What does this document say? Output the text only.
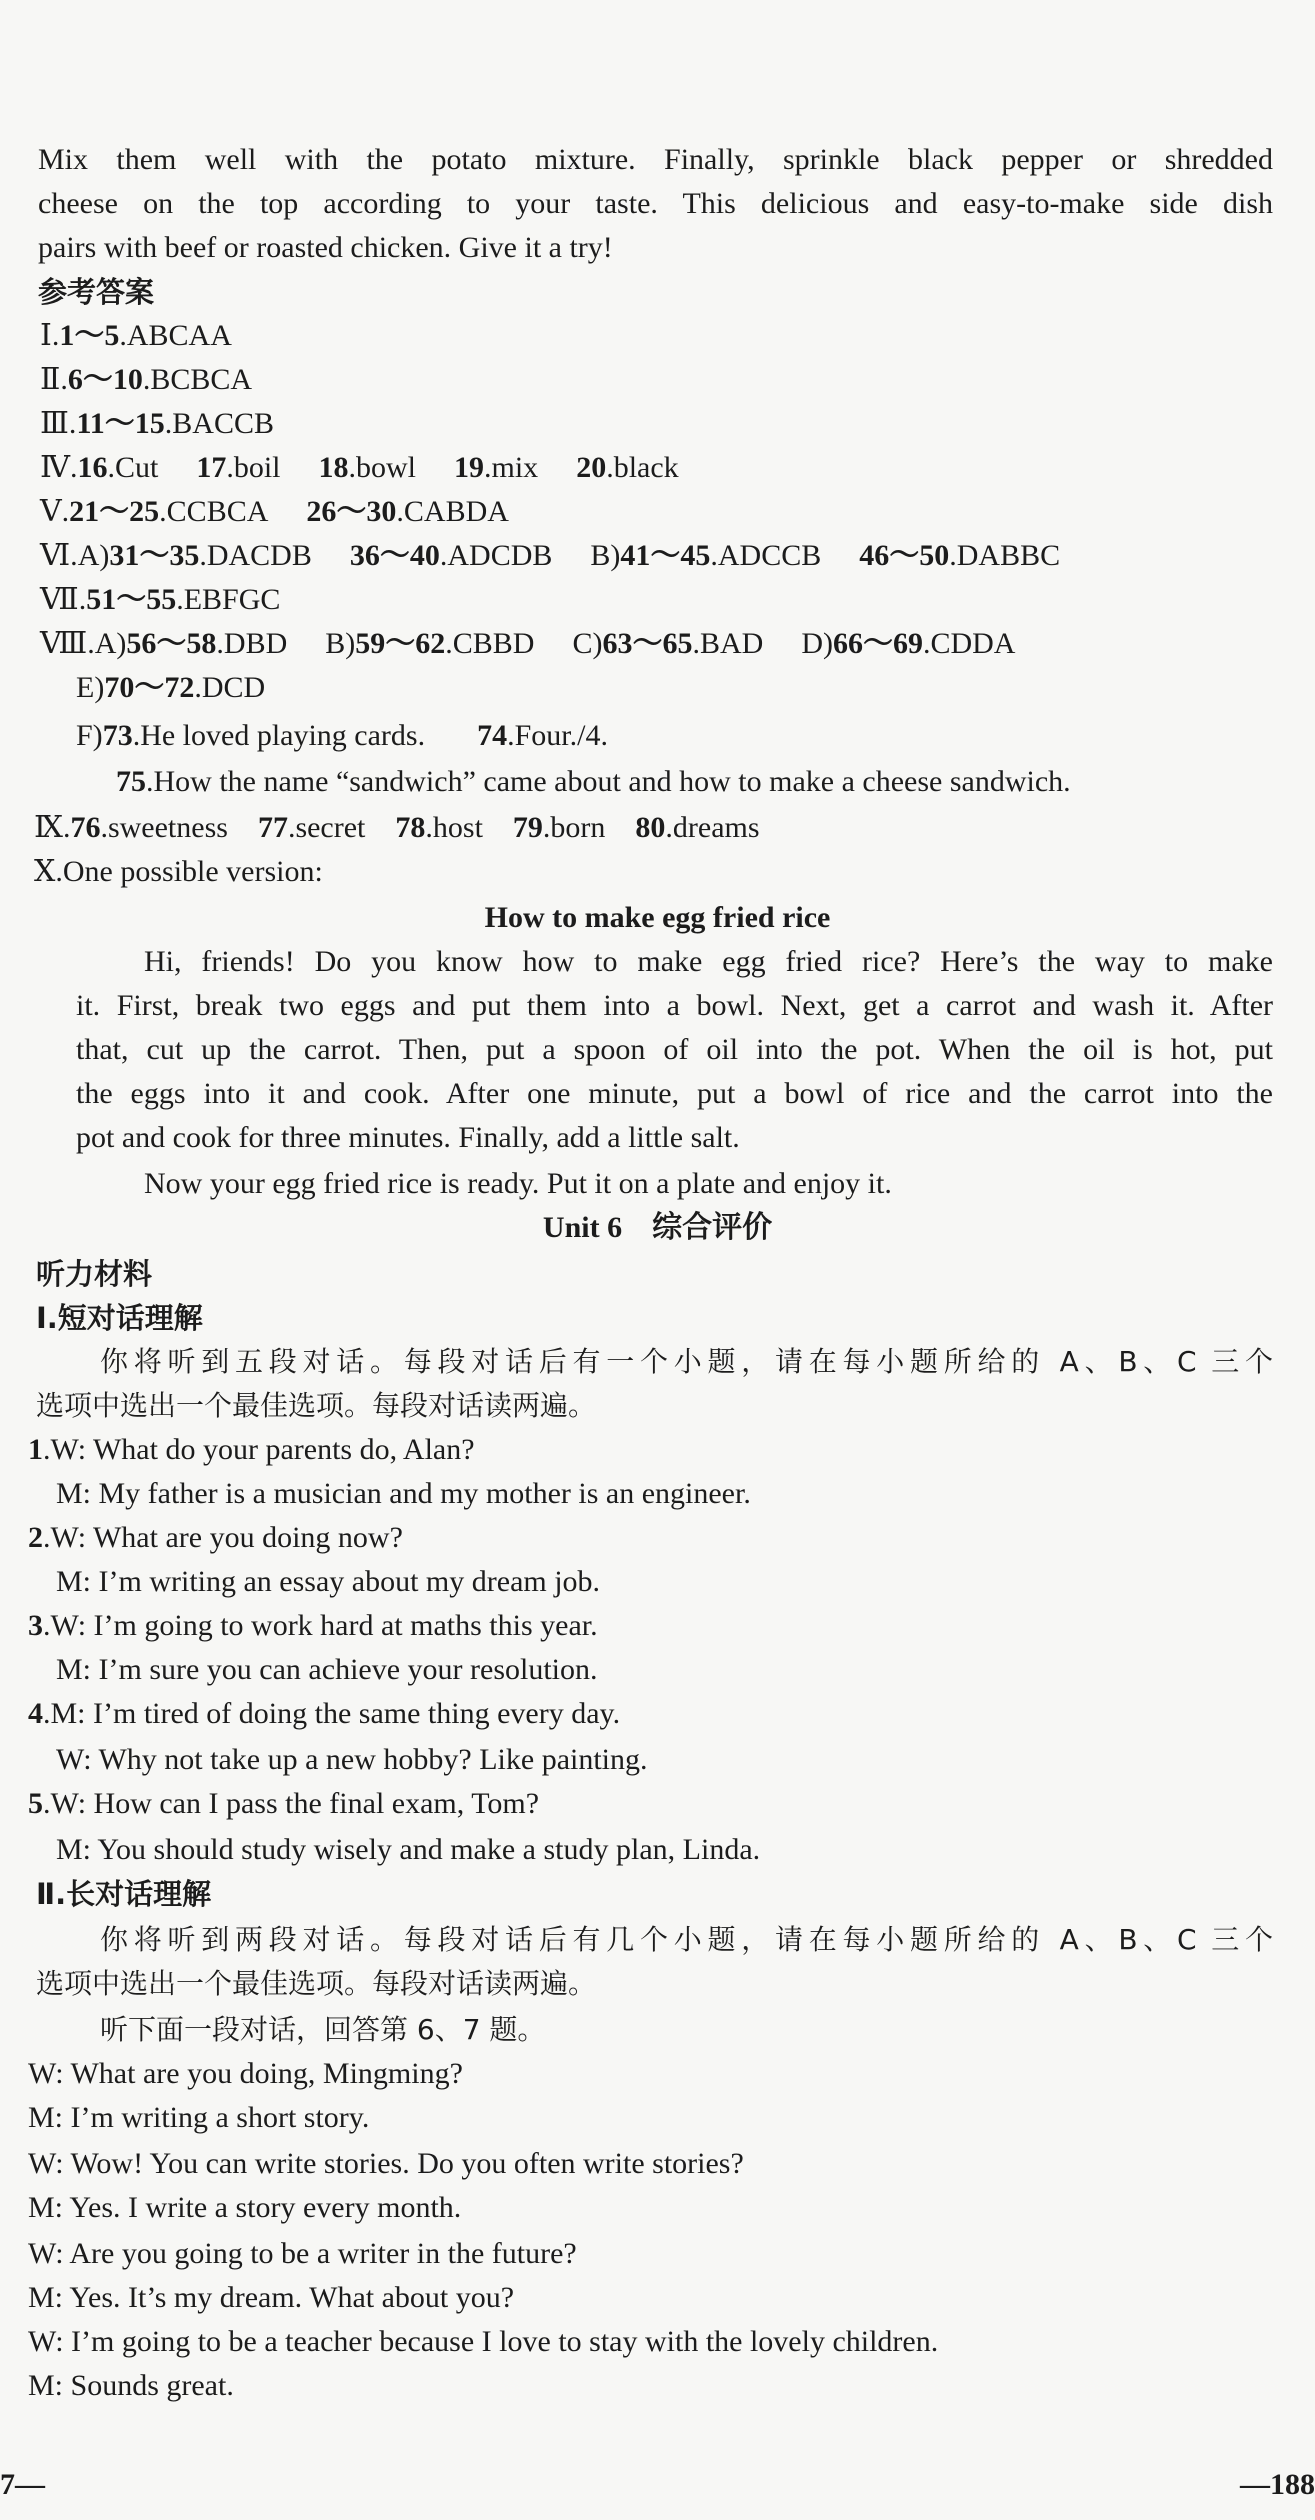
Mix them well with the potato mixture. Finally, sprinkle black pepper or shredded
cheese on the top according to your taste. This delicious and easy-to-make side dish
pairs with beef or roasted chicken. Give it a try!
参考答案
Ⅰ.1～5.ABCAA
Ⅱ.6～10.BCBCA
Ⅲ.11～15.BACCB
Ⅳ.16.Cut 17.boil 18.bowl 19.mix 20.black
Ⅴ.21～25.CCBCA 26～30.CABDA
Ⅵ.A)31～35.DACDB 36～40.ADCDB B)41～45.ADCCB 46～50.DABBC
Ⅶ.51～55.EBFGC
Ⅷ.A)56～58.DBD B)59～62.CBBD C)63～65.BAD D)66～69.CDDA
E)70～72.DCD
F)73.He loved playing cards. 74.Four./4.
75.How the name “sandwich” came about and how to make a cheese sandwich.
Ⅸ.76.sweetness 77.secret 78.host 79.born 80.dreams
Ⅹ.One possible version:
How to make egg fried rice
Hi, friends! Do you know how to make egg fried rice? Here’s the way to make
it. First, break two eggs and put them into a bowl. Next, get a carrot and wash it. After
that, cut up the carrot. Then, put a spoon of oil into the pot. When the oil is hot, put
the eggs into it and cook. After one minute, put a bowl of rice and the carrot into the
pot and cook for three minutes. Finally, add a little salt.
Now your egg fried rice is ready. Put it on a plate and enjoy it.
Unit 6　综合评价
听力材料
Ⅰ.短对话理解
你将听到五段对话。每段对话后有一个小题，请在每小题所给的 A、B、C 三个
选项中选出一个最佳选项。每段对话读两遍。
1.W: What do your parents do, Alan?
M: My father is a musician and my mother is an engineer.
2.W: What are you doing now?
M: I’m writing an essay about my dream job.
3.W: I’m going to work hard at maths this year.
M: I’m sure you can achieve your resolution.
4.M: I’m tired of doing the same thing every day.
W: Why not take up a new hobby? Like painting.
5.W: How can I pass the final exam, Tom?
M: You should study wisely and make a study plan, Linda.
Ⅱ.长对话理解
你将听到两段对话。每段对话后有几个小题，请在每小题所给的 A、B、C 三个
选项中选出一个最佳选项。每段对话读两遍。
听下面一段对话，回答第 6、7 题。
W: What are you doing, Mingming?
M: I’m writing a short story.
W: Wow! You can write stories. Do you often write stories?
M: Yes. I write a story every month.
W: Are you going to be a writer in the future?
M: Yes. It’s my dream. What about you?
W: I’m going to be a teacher because I love to stay with the lovely children.
M: Sounds great.
7—	—188
